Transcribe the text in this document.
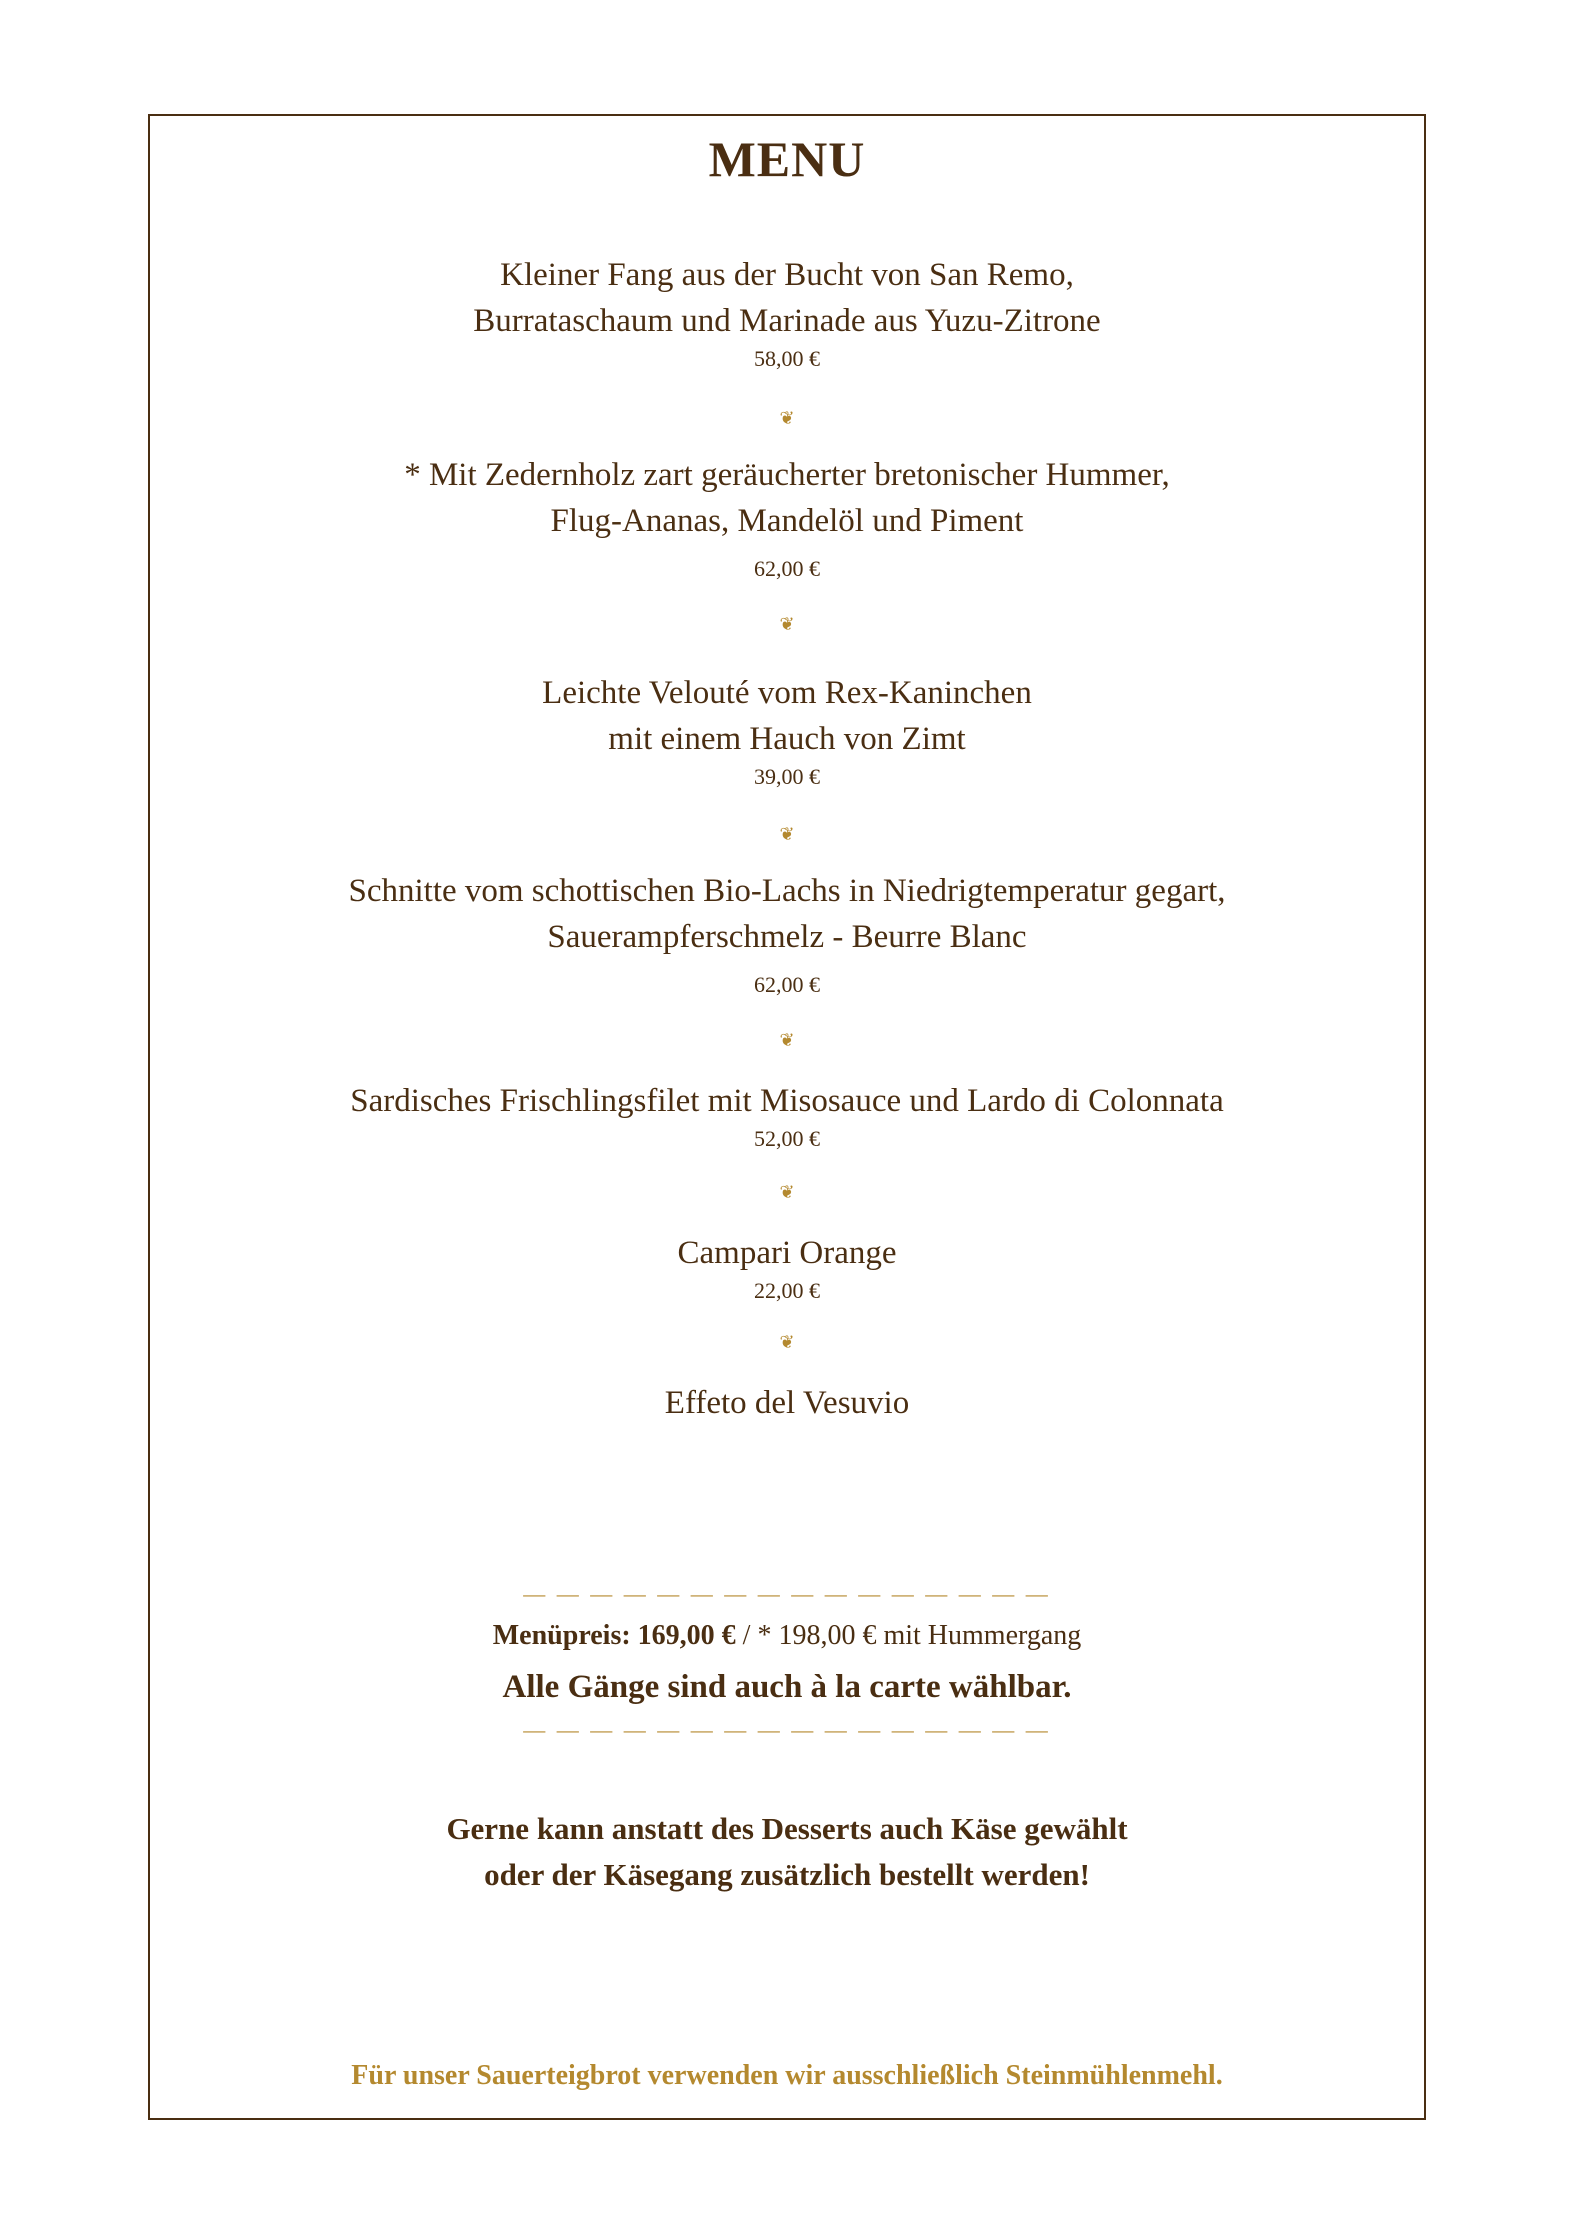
MENU
Kleiner Fang aus der Bucht von San Remo,
Burrataschaum und Marinade aus Yuzu-Zitrone
58,00 €
❦
* Mit Zedernholz zart geräucherter bretonischer Hummer,
Flug-Ananas, Mandelöl und Piment
62,00 €
❦
Leichte Velouté vom Rex-Kaninchen
mit einem Hauch von Zimt
39,00 €
❦
Schnitte vom schottischen Bio-Lachs in Niedrigtemperatur gegart,
Sauerampferschmelz - Beurre Blanc
62,00 €
❦
Sardisches Frischlingsfilet mit Misosauce und Lardo di Colonnata
52,00 €
❦
Campari Orange
22,00 €
❦
Effeto del Vesuvio
— — — — — — — — — — — — — — — —
Menüpreis: 169,00 € / * 198,00 € mit Hummergang
Alle Gänge sind auch à la carte wählbar.
— — — — — — — — — — — — — — — —
Gerne kann anstatt des Desserts auch Käse gewählt
oder der Käsegang zusätzlich bestellt werden!
Für unser Sauerteigbrot verwenden wir ausschließlich Steinmühlenmehl.
